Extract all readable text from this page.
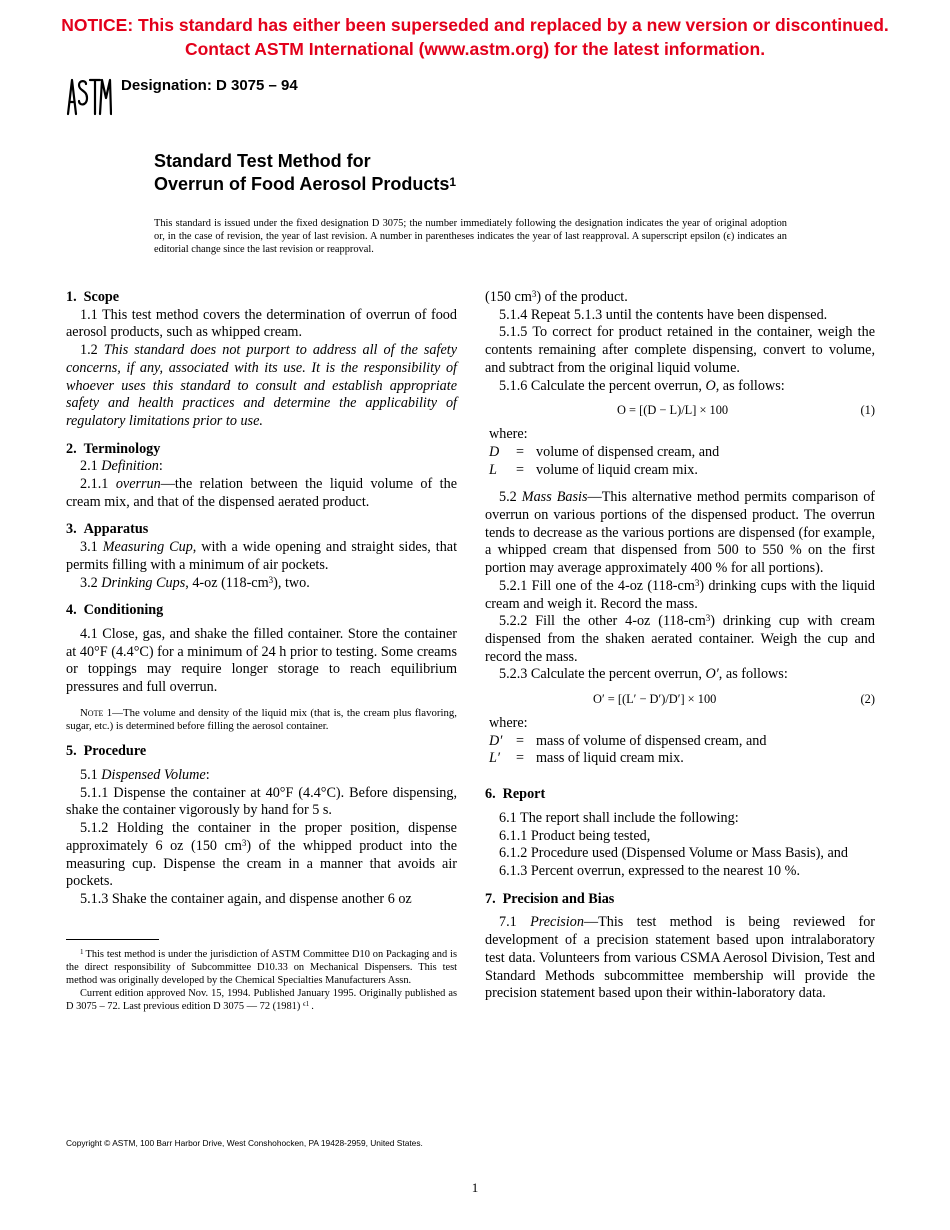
NOTICE: This standard has either been superseded and replaced by a new version or discontinued.
Contact ASTM International (www.astm.org) for the latest information.
Designation: D 3075 – 94
Standard Test Method for
Overrun of Food Aerosol Products$^1$
This standard is issued under the fixed designation D 3075; the number immediately following the designation indicates the year of original adoption or, in the case of revision, the year of last revision. A number in parentheses indicates the year of last reapproval. A superscript epsilon (ϵ) indicates an editorial change since the last revision or reapproval.
1. Scope

1.1 This test method covers the determination of overrun of food aerosol products, such as whipped cream.

1.2 This standard does not purport to address all of the safety concerns, if any, associated with its use. It is the responsibility of whoever uses this standard to consult and establish appropriate safety and health practices and determine the applicability of regulatory limitations prior to use.

2. Terminology

2.1 Definition:

2.1.1 overrun—the relation between the liquid volume of the cream mix, and that of the dispensed aerated product.

3. Apparatus

3.1 Measuring Cup, with a wide opening and straight sides, that permits filling with a minimum of air pockets.

3.2 Drinking Cups, 4-oz $(118-cm^3)$, two.

4. Conditioning

4.1 Close, gas, and shake the filled container. Store the container at 40°F (4.4°C) for a minimum of 24 h prior to testing. Some creams or toppings may require longer storage to reach equilibrium pressures and full overrun.

Note 1—The volume and density of the liquid mix (that is, the cream plus flavoring, sugar, etc.) is determined before filling the aerosol container.

5. Procedure

5.1 Dispensed Volume:

5.1.1 Dispense the container at 40°F (4.4°C). Before dispensing, shake the container vigorously by hand for 5 s.

5.1.2 Holding the container in the proper position, dispense approximately 6 oz (150 $cm^3$) of the whipped product into the measuring cup. Dispense the cream in a manner that avoids air pockets.

5.1.3 Shake the container again, and dispense another 6 oz

$^1$ This test method is under the jurisdiction of ASTM Committee D10 on Packaging and is the direct responsibility of Subcommittee D10.33 on Mechanical Dispensers. This test method was originally developed by the Chemical Specialties Manufacturers Assn.

Current edition approved Nov. 15, 1994. Published January 1995. Originally published as D 3075 – 72. Last previous edition D 3075 — 72 (1981) $^{\epsilon 1}$ .

(150 $cm^3$) of the product.

5.1.4 Repeat 5.1.3 until the contents have been dispensed.

5.1.5 To correct for product retained in the container, weigh the contents remaining after complete dispensing, convert to volume, and subtract from the original liquid volume.

5.1.6 Calculate the percent overrun, O, as follows:

O = [(D − L)/L] × 100	(1)

where:

D	= volume of dispensed cream, and
L	= volume of liquid cream mix.

5.2 Mass Basis—This alternative method permits comparison of overrun on various portions of the dispensed product. The overrun tends to decrease as the various portions are dispensed (for example, a whipped cream that dispensed from 500 to 550 % on the first portion may average approximately 400 % for all portions).

5.2.1 Fill one of the 4-oz $(118-cm^3)$ drinking cups with the liquid cream and weigh it. Record the mass.

5.2.2 Fill the other 4-oz $(118-cm^3)$ drinking cup with cream dispensed from the shaken aerated container. Weigh the cup and record the mass.

5.2.3 Calculate the percent overrun, O′, as follows:

O′ = [(L′ − D′)/D′] × 100	(2)

where:

D′ = mass of volume of dispensed cream, and
L′	= mass of liquid cream mix.
6. Report

6.1 The report shall include the following:

6.1.1 Product being tested,

6.1.2 Procedure used (Dispensed Volume or Mass Basis), and

6.1.3 Percent overrun, expressed to the nearest 10 %.

7. Precision and Bias

7.1 Precision—This test method is being reviewed for development of a precision statement based upon intralaboratory test data. Volunteers from various CSMA Aerosol Division, Test and Standard Methods subcommittee membership will provide the precision statement based upon their within-laboratory data.

Copyright © ASTM, 100 Barr Harbor Drive, West Conshohocken, PA 19428-2959, United States.
1
